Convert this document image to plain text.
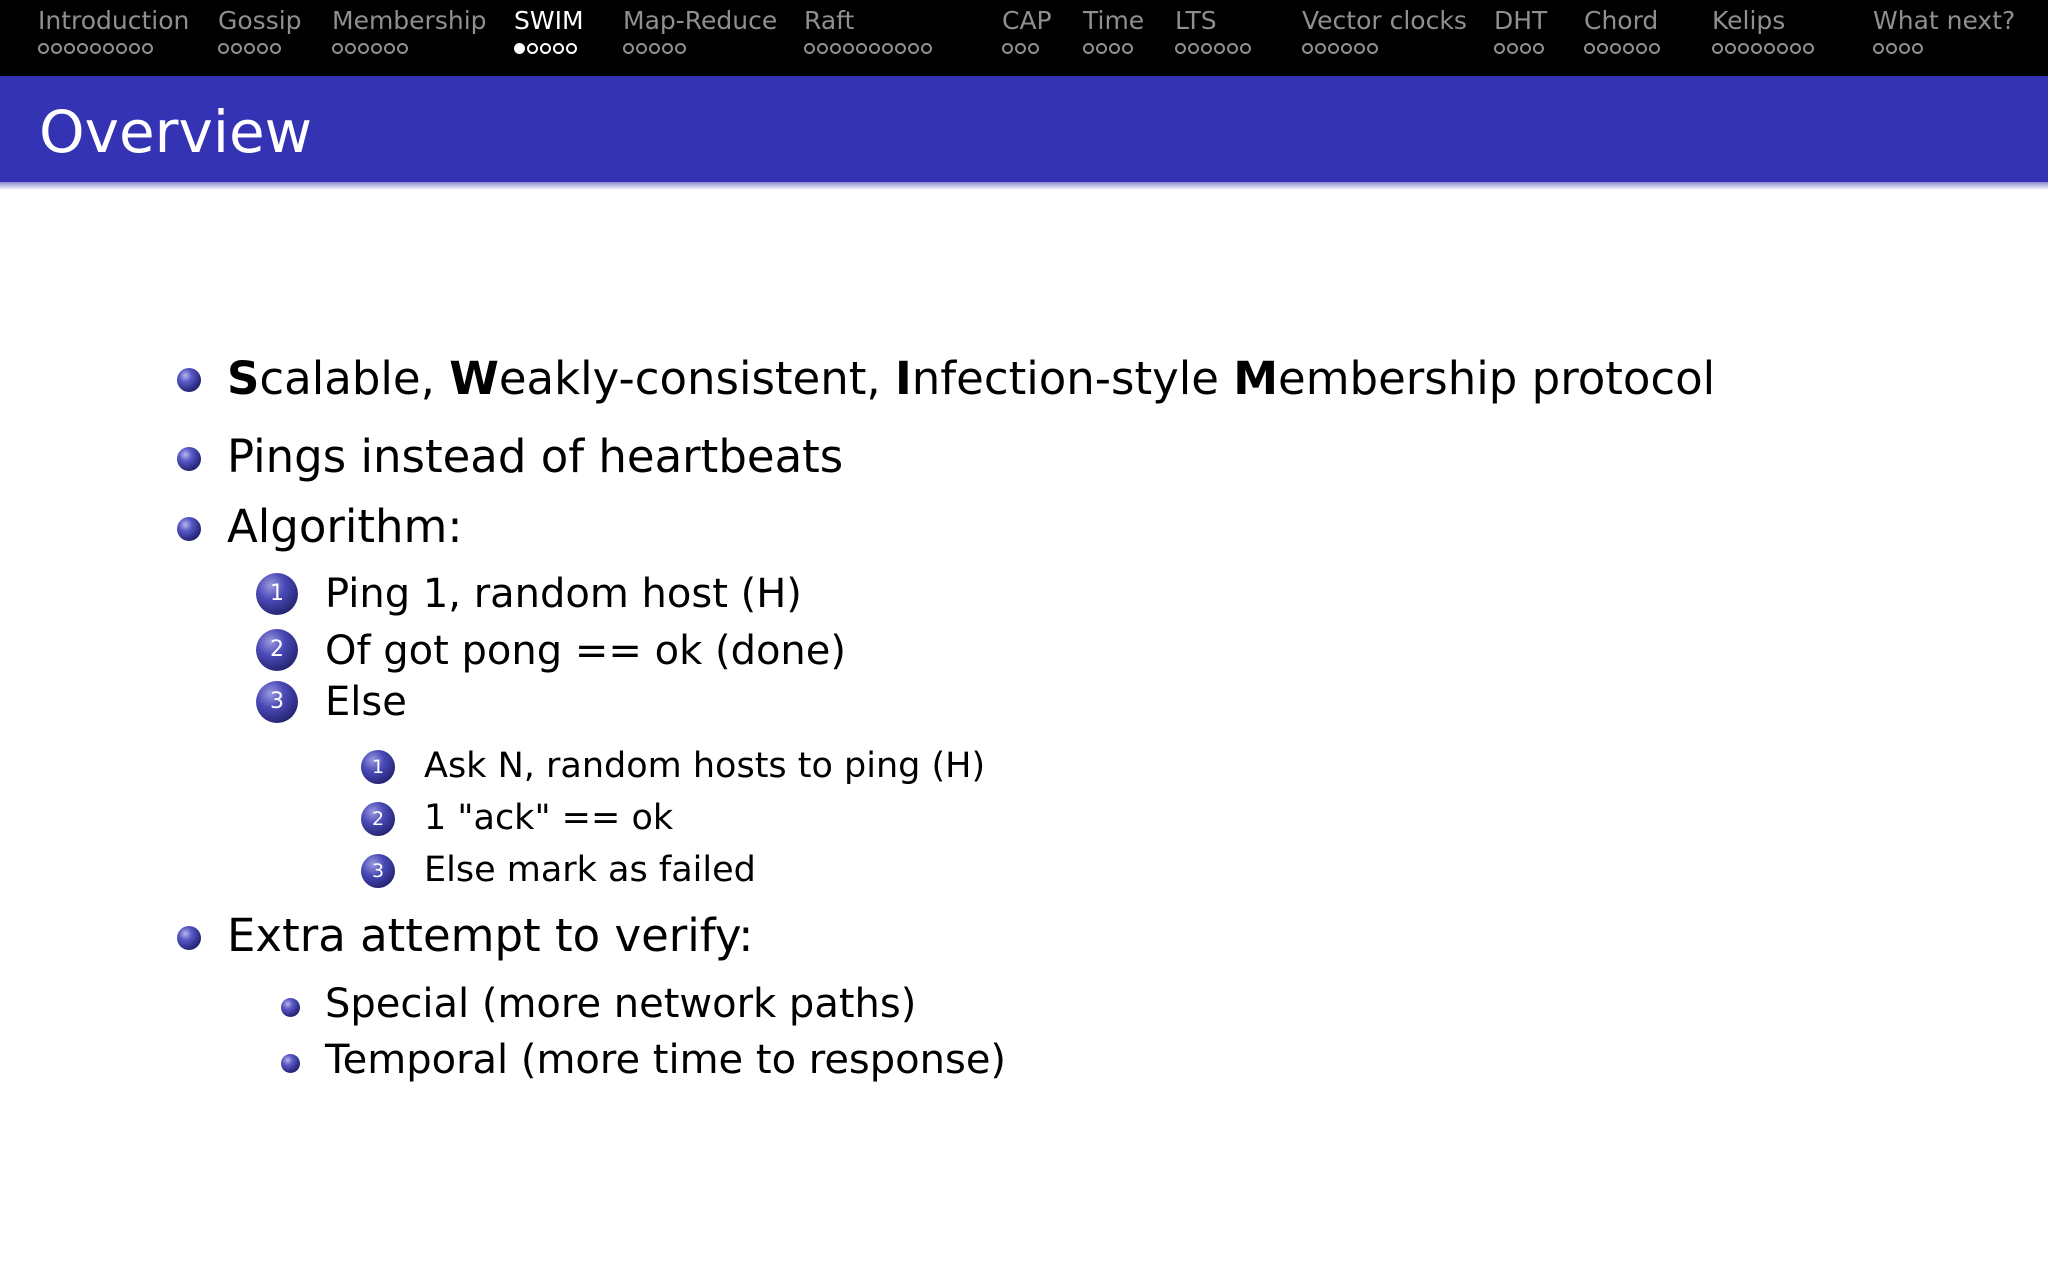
Introduction Gossip Membership SWIM Map-Reduce Raft	CAP Time LTS	Vector clocks DHT Chord Kelips	What next?
Overview
Scalable, Weakly-consistent, Infection-style Membership protocol
Pings instead of heartbeats
Algorithm:
1	Ping 1, random host (H)
2	Of got pong == ok (done)
3	Else
1	Ask N, random hosts to ping (H)
2	1 "ack" == ok
3	Else mark as failed
Extra attempt to verify:
Special (more network paths)
Temporal (more time to response)
